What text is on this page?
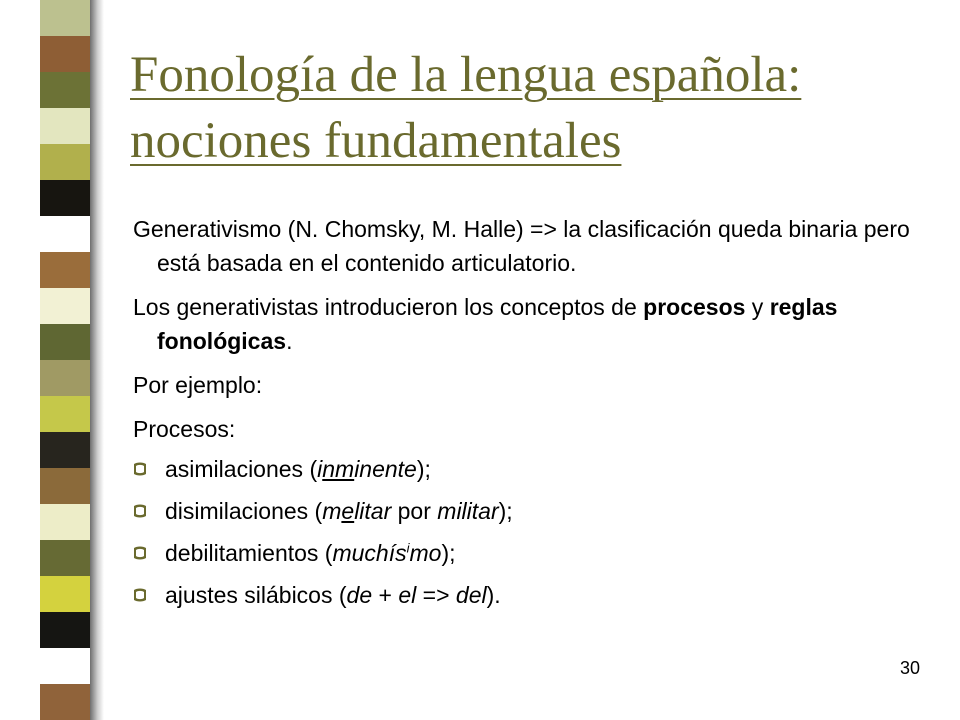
Fonología de la lengua española:
nociones fundamentales

Generativismo (N. Chomsky, M. Halle) => la clasificación queda binaria pero está basada en el contenido articulatorio.

Los generativistas introducieron los conceptos de procesos y reglas fonológicas.

Por ejemplo:

Procesos:

asimilaciones (inminente);
disimilaciones (melitar por militar);
debilitamientos (muchís$^i$mo);
ajustes silábicos (de + el => del).
30
